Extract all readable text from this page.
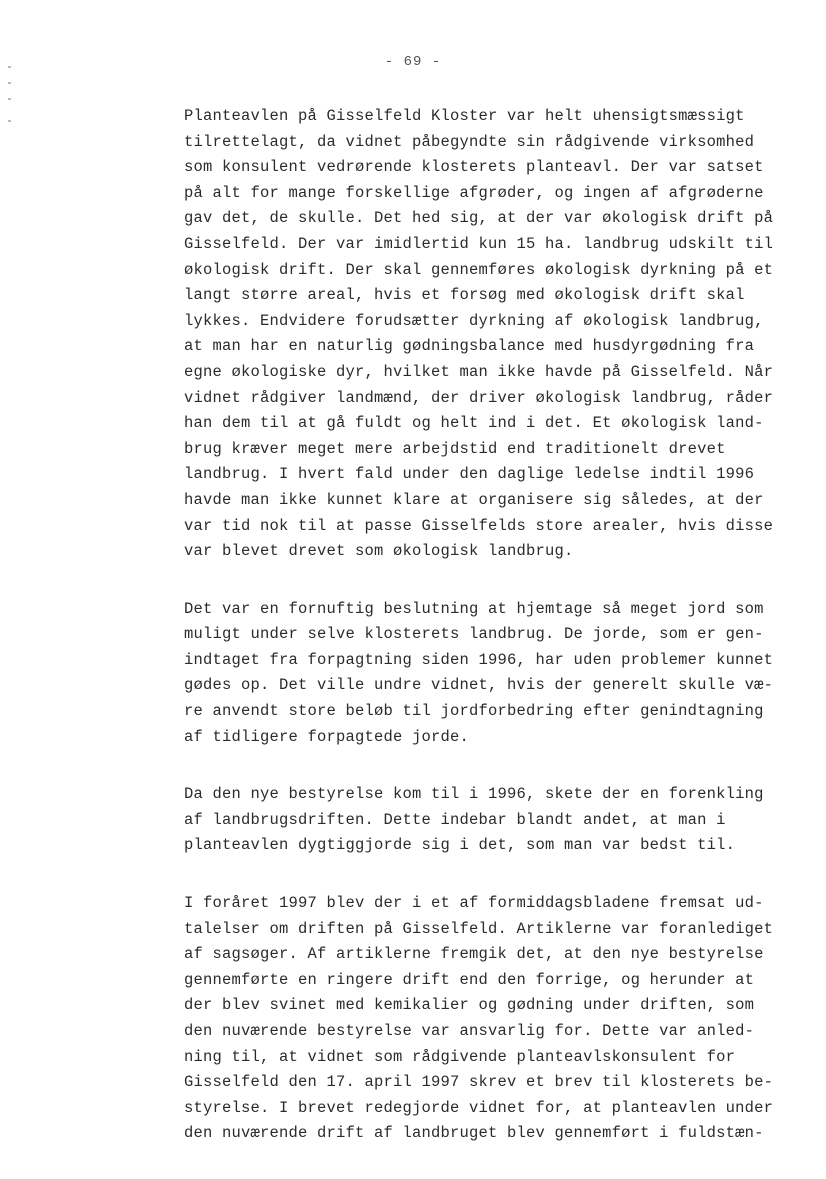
- 69 -
Planteavlen på Gisselfeld Kloster var helt uhensigtsmæssigt
tilrettelagt, da vidnet påbegyndte sin rådgivende virksomhed
som konsulent vedrørende klosterets planteavl. Der var satset
på alt for mange forskellige afgrøder, og ingen af afgrøderne
gav det, de skulle. Det hed sig, at der var økologisk drift på
Gisselfeld. Der var imidlertid kun 15 ha. landbrug udskilt til
økologisk drift. Der skal gennemføres økologisk dyrkning på et
langt større areal, hvis et forsøg med økologisk drift skal
lykkes. Endvidere forudsætter dyrkning af økologisk landbrug,
at man har en naturlig gødningsbalance med husdyrgødning fra
egne økologiske dyr, hvilket man ikke havde på Gisselfeld. Når
vidnet rådgiver landmænd, der driver økologisk landbrug, råder
han dem til at gå fuldt og helt ind i det. Et økologisk land-
brug kræver meget mere arbejdstid end traditionelt drevet
landbrug. I hvert fald under den daglige ledelse indtil 1996
havde man ikke kunnet klare at organisere sig således, at der
var tid nok til at passe Gisselfelds store arealer, hvis disse
var blevet drevet som økologisk landbrug.
Det var en fornuftig beslutning at hjemtage så meget jord som
muligt under selve klosterets landbrug. De jorde, som er gen-
indtaget fra forpagtning siden 1996, har uden problemer kunnet
gødes op. Det ville undre vidnet, hvis der generelt skulle væ-
re anvendt store beløb til jordforbedring efter genindtagning
af tidligere forpagtede jorde.
Da den nye bestyrelse kom til i 1996, skete der en forenkling
af landbrugsdriften. Dette indebar blandt andet, at man i
planteavlen dygtiggjorde sig i det, som man var bedst til.
I foråret 1997 blev der i et af formiddagsbladene fremsat ud-
talelser om driften på Gisselfeld. Artiklerne var foranlediget
af sagsøger. Af artiklerne fremgik det, at den nye bestyrelse
gennemførte en ringere drift end den forrige, og herunder at
der blev svinet med kemikalier og gødning under driften, som
den nuværende bestyrelse var ansvarlig for. Dette var anled-
ning til, at vidnet som rådgivende planteavlskonsulent for
Gisselfeld den 17. april 1997 skrev et brev til klosterets be-
styrelse. I brevet redegjorde vidnet for, at planteavlen under
den nuværende drift af landbruget blev gennemført i fuldstæn-
